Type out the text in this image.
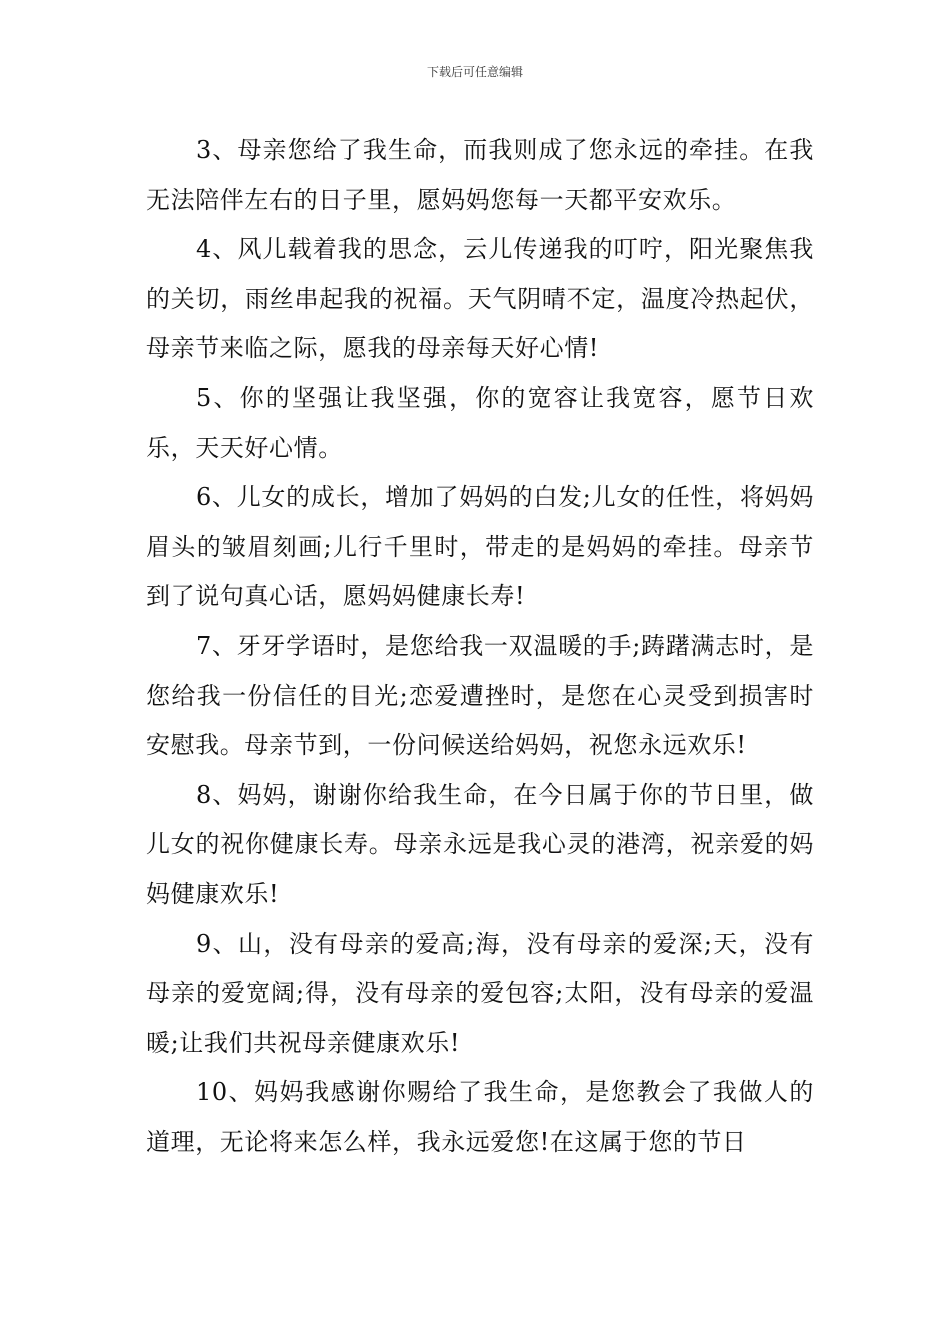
下载后可任意编辑

3、母亲您给了我生命，而我则成了您永远的牵挂。在我无法陪伴左右的日子里，愿妈妈您每一天都平安欢乐。

4、风儿载着我的思念，云儿传递我的叮咛，阳光聚焦我的关切，雨丝串起我的祝福。天气阴晴不定，温度冷热起伏，母亲节来临之际，愿我的母亲每天好心情!

5、你的坚强让我坚强，你的宽容让我宽容，愿节日欢乐，天天好心情。

6、儿女的成长，增加了妈妈的白发;儿女的任性，将妈妈眉头的皱眉刻画;儿行千里时，带走的是妈妈的牵挂。母亲节到了说句真心话，愿妈妈健康长寿!

7、牙牙学语时，是您给我一双温暖的手;踌躇满志时，是您给我一份信任的目光;恋爱遭挫时，是您在心灵受到损害时安慰我。母亲节到，一份问候送给妈妈，祝您永远欢乐!

8、妈妈，谢谢你给我生命，在今日属于你的节日里，做儿女的祝你健康长寿。母亲永远是我心灵的港湾，祝亲爱的妈妈健康欢乐!

9、山，没有母亲的爱高;海，没有母亲的爱深;天，没有母亲的爱宽阔;得，没有母亲的爱包容;太阳，没有母亲的爱温暖;让我们共祝母亲健康欢乐!

10、妈妈我感谢你赐给了我生命，是您教会了我做人的道理，无论将来怎么样，我永远爱您!在这属于您的节日
